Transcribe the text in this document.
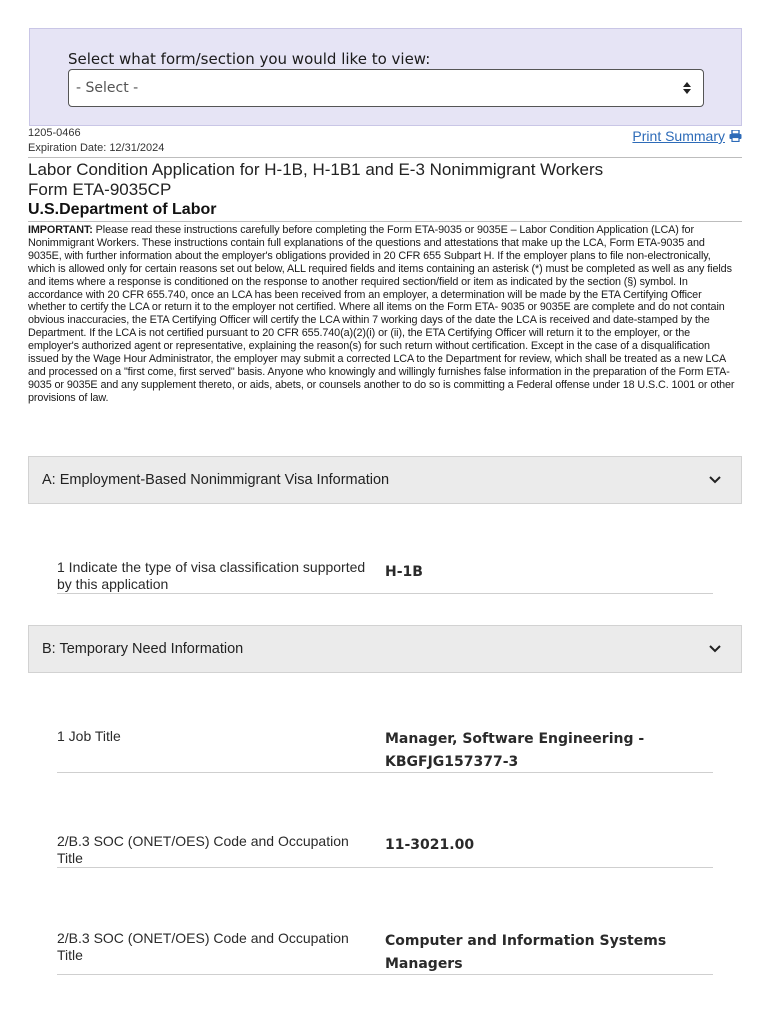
Select what form/section you would like to view:
- Select -
1205-0466
Expiration Date: 12/31/2024
Print Summary
Labor Condition Application for H-1B, H-1B1 and E-3 Nonimmigrant Workers
Form ETA-9035CP
U.S.Department of Labor
IMPORTANT: Please read these instructions carefully before completing the Form ETA-9035 or 9035E – Labor Condition Application (LCA) for Nonimmigrant Workers. These instructions contain full explanations of the questions and attestations that make up the LCA, Form ETA-9035 and 9035E, with further information about the employer's obligations provided in 20 CFR 655 Subpart H. If the employer plans to file non-electronically, which is allowed only for certain reasons set out below, ALL required fields and items containing an asterisk (*) must be completed as well as any fields and items where a response is conditioned on the response to another required section/field or item as indicated by the section (§) symbol. In accordance with 20 CFR 655.740, once an LCA has been received from an employer, a determination will be made by the ETA Certifying Officer whether to certify the LCA or return it to the employer not certified. Where all items on the Form ETA- 9035 or 9035E are complete and do not contain obvious inaccuracies, the ETA Certifying Officer will certify the LCA within 7 working days of the date the LCA is received and date-stamped by the Department. If the LCA is not certified pursuant to 20 CFR 655.740(a)(2)(i) or (ii), the ETA Certifying Officer will return it to the employer, or the employer's authorized agent or representative, explaining the reason(s) for such return without certification. Except in the case of a disqualification issued by the Wage Hour Administrator, the employer may submit a corrected LCA to the Department for review, which shall be treated as a new LCA and processed on a "first come, first served" basis. Anyone who knowingly and willingly furnishes false information in the preparation of the Form ETA- 9035 or 9035E and any supplement thereto, or aids, abets, or counsels another to do so is committing a Federal offense under 18 U.S.C. 1001 or other provisions of law.
A: Employment-Based Nonimmigrant Visa Information
1 Indicate the type of visa classification supported by this application
H-1B
B: Temporary Need Information
1 Job Title	Manager, Software Engineering - KBGFJG157377-3
2/B.3 SOC (ONET/OES) Code and Occupation Title
11-3021.00
2/B.3 SOC (ONET/OES) Code and Occupation Title
Computer and Information Systems Managers
